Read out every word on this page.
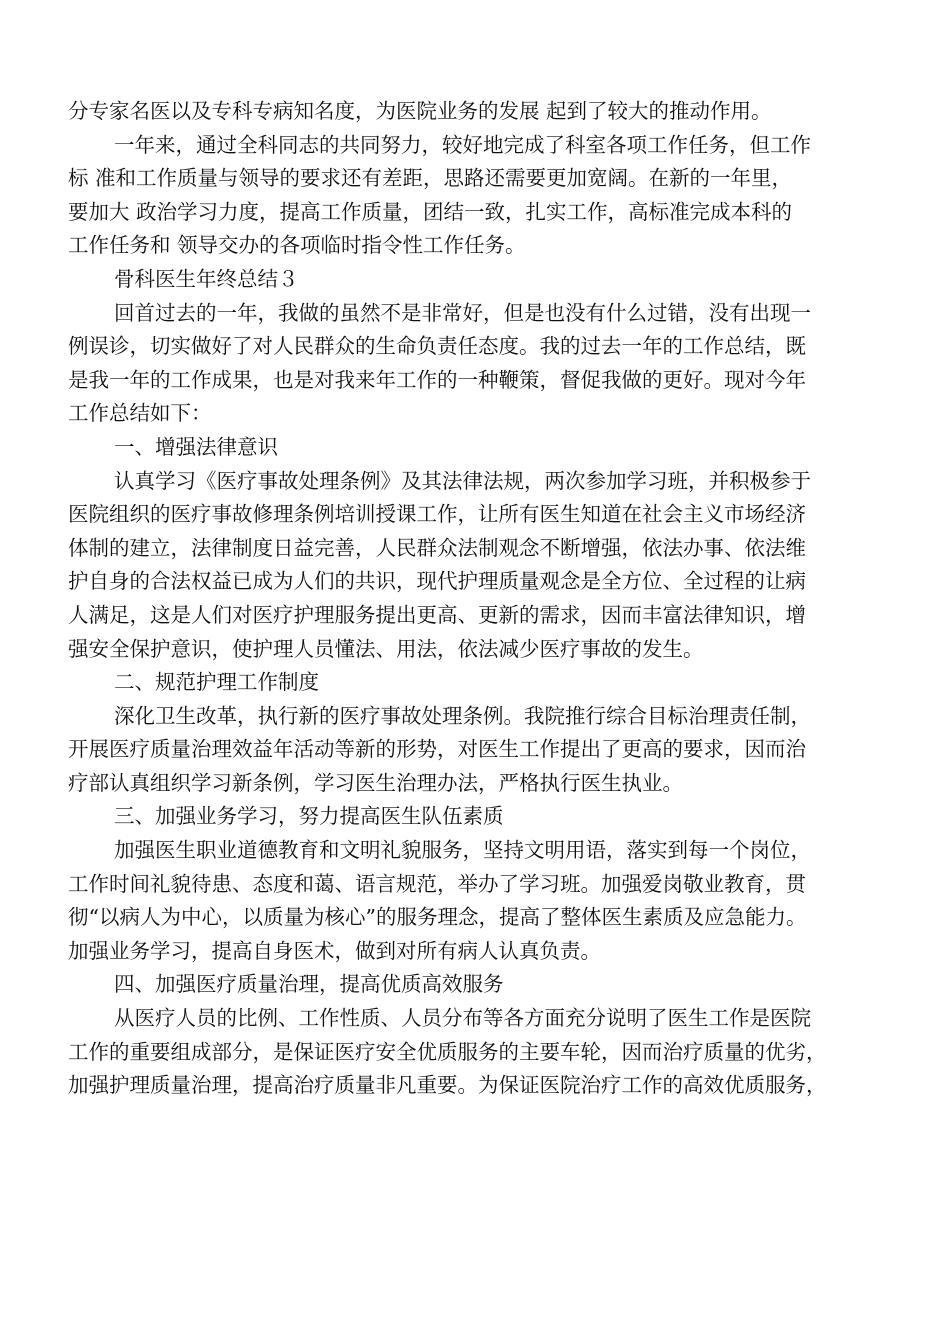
分专家名医以及专科专病知名度，为医院业务的发展 起到了较大的推动作用。
一年来，通过全科同志的共同努力，较好地完成了科室各项工作任务，但工作
标 准和工作质量与领导的要求还有差距，思路还需要更加宽阔。在新的一年里，
要加大 政治学习力度，提高工作质量，团结一致，扎实工作，高标准完成本科的
工作任务和 领导交办的各项临时指令性工作任务。
骨科医生年终总结３
回首过去的一年，我做的虽然不是非常好，但是也没有什么过错，没有出现一
例误诊，切实做好了对人民群众的生命负责任态度。我的过去一年的工作总结，既
是我一年的工作成果，也是对我来年工作的一种鞭策，督促我做的更好。现对今年
工作总结如下：
一、增强法律意识
认真学习《医疗事故处理条例》及其法律法规，两次参加学习班，并积极参于
医院组织的医疗事故修理条例培训授课工作，让所有医生知道在社会主义市场经济
体制的建立，法律制度日益完善，人民群众法制观念不断增强，依法办事、依法维
护自身的合法权益已成为人们的共识，现代护理质量观念是全方位、全过程的让病
人满足，这是人们对医疗护理服务提出更高、更新的需求，因而丰富法律知识，增
强安全保护意识，使护理人员懂法、用法，依法减少医疗事故的发生。
二、规范护理工作制度
深化卫生改革，执行新的医疗事故处理条例。我院推行综合目标治理责任制，
开展医疗质量治理效益年活动等新的形势，对医生工作提出了更高的要求，因而治
疗部认真组织学习新条例，学习医生治理办法，严格执行医生执业。
三、加强业务学习，努力提高医生队伍素质
加强医生职业道德教育和文明礼貌服务，坚持文明用语，落实到每一个岗位，
工作时间礼貌待患、态度和蔼、语言规范，举办了学习班。加强爱岗敬业教育，贯
彻“以病人为中心，以质量为核心”的服务理念，提高了整体医生素质及应急能力。
加强业务学习，提高自身医术，做到对所有病人认真负责。
四、加强医疗质量治理，提高优质高效服务
从医疗人员的比例、工作性质、人员分布等各方面充分说明了医生工作是医院
工作的重要组成部分，是保证医疗安全优质服务的主要车轮，因而治疗质量的优劣，
加强护理质量治理，提高治疗质量非凡重要。为保证医院治疗工作的高效优质服务，
